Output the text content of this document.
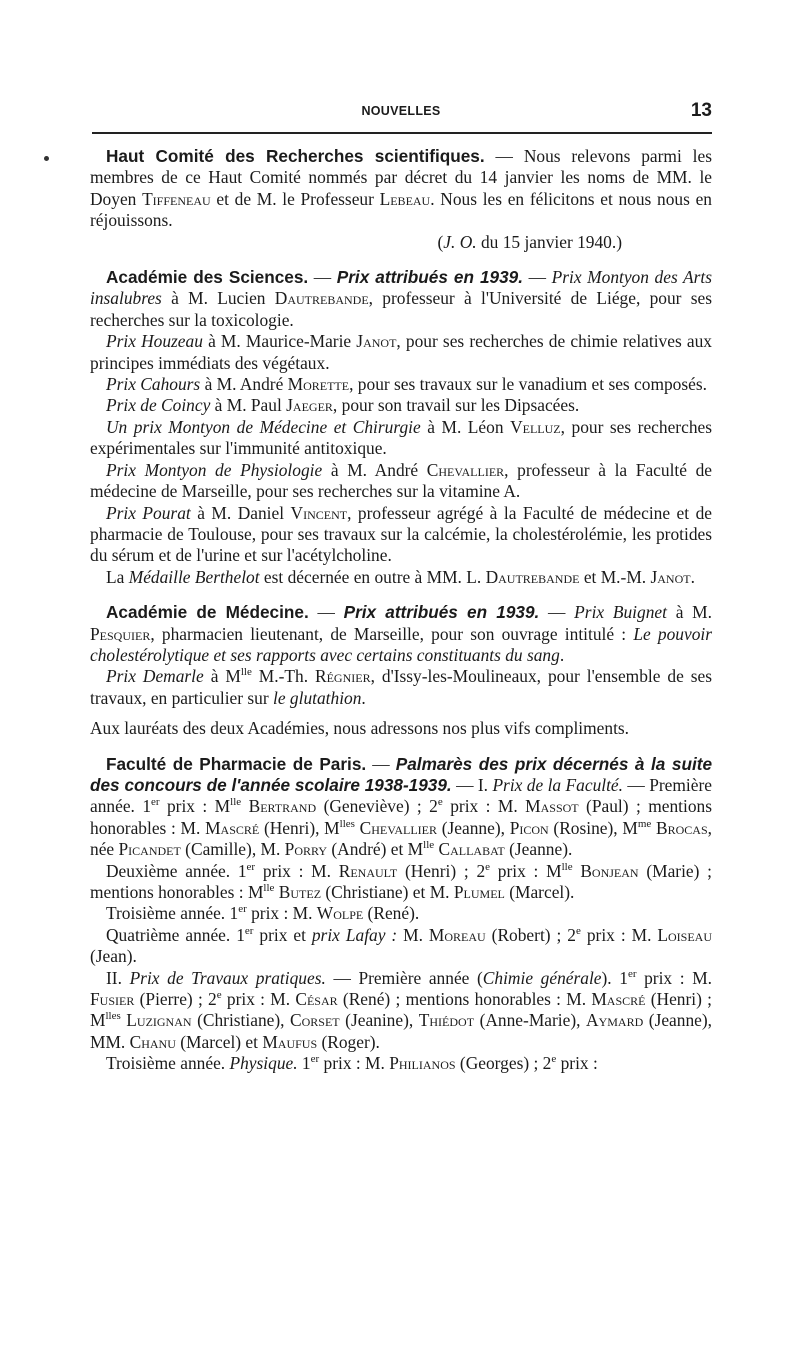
NOUVELLES	13

Haut Comité des Recherches scientifiques. — Nous relevons parmi les membres de ce Haut Comité nommés par décret du 14 janvier les noms de MM. le Doyen Tiffeneau et de M. le Professeur Lebeau. Nous les en félicitons et nous nous en réjouissons.

(J. O. du 15 janvier 1940.)

Académie des Sciences. — Prix attribués en 1939. — Prix Montyon des Arts insalubres à M. Lucien Dautrebande, professeur à l'Université de Liége, pour ses recherches sur la toxicologie.

Prix Houzeau à M. Maurice-Marie Janot, pour ses recherches de chimie relatives aux principes immédiats des végétaux.

Prix Cahours à M. André Morette, pour ses travaux sur le vanadium et ses composés.

Prix de Coincy à M. Paul Jaeger, pour son travail sur les Dipsacées.

Un prix Montyon de Médecine et Chirurgie à M. Léon Velluz, pour ses recherches expérimentales sur l'immunité antitoxique.

Prix Montyon de Physiologie à M. André Chevallier, professeur à la Faculté de médecine de Marseille, pour ses recherches sur la vitamine A.

Prix Pourat à M. Daniel Vincent, professeur agrégé à la Faculté de médecine et de pharmacie de Toulouse, pour ses travaux sur la calcémie, la cholestérolémie, les protides du sérum et de l'urine et sur l'acétylcholine.

La Médaille Berthelot est décernée en outre à MM. L. Dautrebande et M.-M. Janot.

Académie de Médecine. — Prix attribués en 1939. — Prix Buignet à M. Pesquier, pharmacien lieutenant, de Marseille, pour son ouvrage intitulé : Le pouvoir cholestérolytique et ses rapports avec certains constituants du sang.

Prix Demarle à $M^{lle}$ M.-Th. Régnier, d'Issy-les-Moulineaux, pour l'ensemble de ses travaux, en particulier sur le glutathion.

Aux lauréats des deux Académies, nous adressons nos plus vifs compliments.

Faculté de Pharmacie de Paris. — Palmarès des prix décernés à la suite des concours de l'année scolaire 1938-1939. — I. Prix de la Faculté. — Première année. 1er prix : $M^{lle}$ Bertrand (Geneviève) ; 2e prix : M. Massot (Paul) ; mentions honorables : M. Mascré (Henri), $M^{lles}$ Chevallier (Jeanne), Picon (Rosine), $M^{me}$ Brocas, née Picandet (Camille), M. Porry (André) et $M^{lle}$ Callabat (Jeanne).

Deuxième année. 1er prix : M. Renault (Henri) ; 2e prix : $M^{lle}$ Bonjean (Marie) ; mentions honorables : $M^{lle}$ Butez (Christiane) et M. Plumel (Marcel).

Troisième année. 1er prix : M. Wolpe (René).

Quatrième année. 1er prix et prix Lafay : M. Moreau (Robert) ; 2e prix : M. Loiseau (Jean).

II. Prix de Travaux pratiques. — Première année (Chimie générale). 1er prix : M. Fusier (Pierre) ; 2e prix : M. César (René) ; mentions honorables : M. Mascré (Henri) ; $M^{lles}$ Luzignan (Christiane), Corset (Jeanine), Thiédot (Anne-Marie), Aymard (Jeanne), MM. Chanu (Marcel) et Maufus (Roger).

Troisième année. Physique. 1er prix : M. Philianos (Georges) ; 2e prix :
